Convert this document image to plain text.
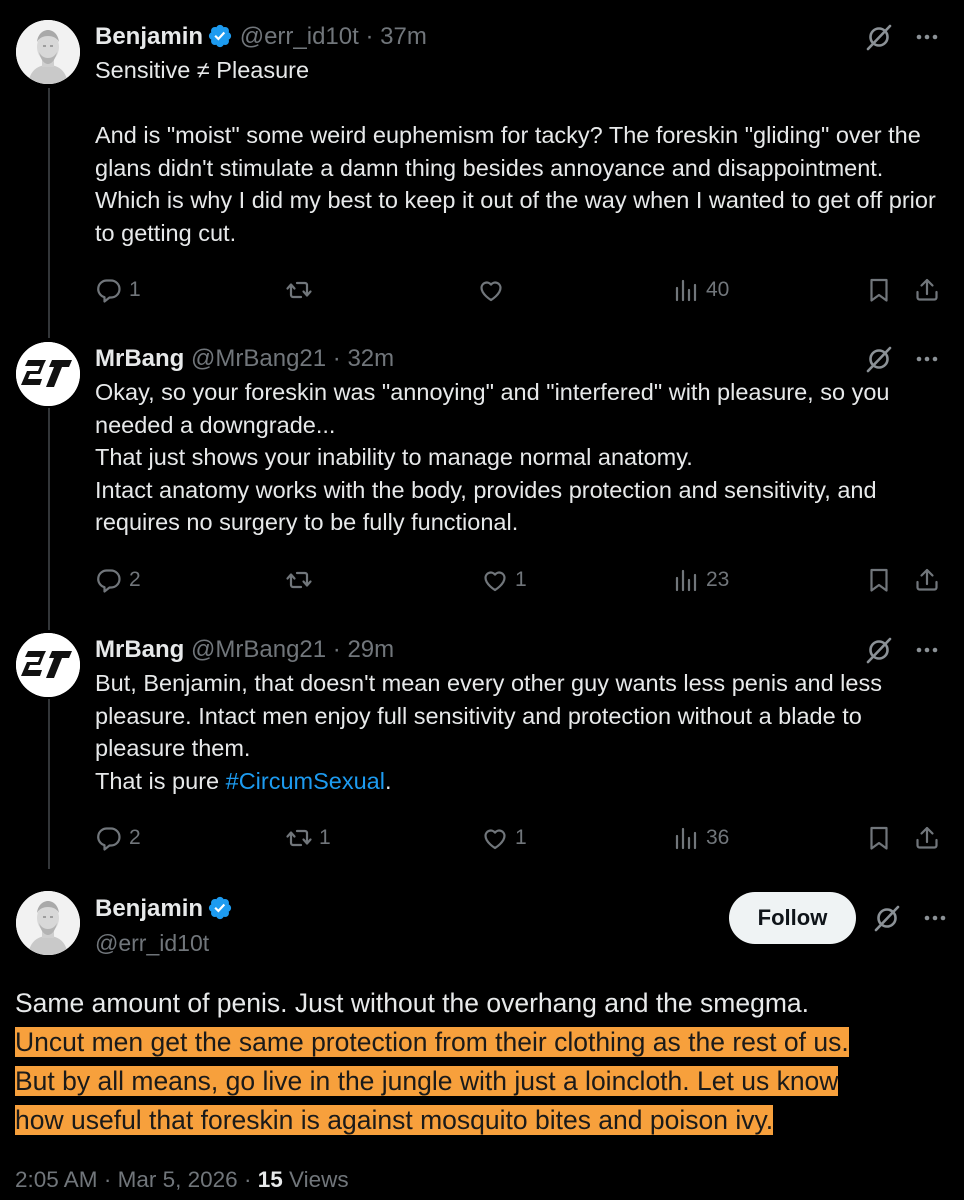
Benjamin @err_id10t · 37m

Sensitive ≠ Pleasure

And is "moist" some weird euphemism for tacky? The foreskin "gliding" over the glans didn't stimulate a damn thing besides annoyance and disappointment. Which is why I did my best to keep it out of the way when I wanted to get off prior to getting cut.

1	40
MrBang @MrBang21 · 32m

Okay, so your foreskin was "annoying" and "interfered" with pleasure, so you needed a downgrade...

That just shows your inability to manage normal anatomy.

Intact anatomy works with the body, provides protection and sensitivity, and requires no surgery to be fully functional.

2	1	23
MrBang @MrBang21 · 29m

But, Benjamin, that doesn't mean every other guy wants less penis and less pleasure. Intact men enjoy full sensitivity and protection without a blade to pleasure them.

That is pure #CircumSexual.

2	1	1	36
Benjamin
@err_id10t
Follow

Same amount of penis. Just without the overhang and the smegma.

Uncut men get the same protection from their clothing as the rest of us.

But by all means, go live in the jungle with just a loincloth. Let us know

how useful that foreskin is against mosquito bites and poison ivy.

2:05 AM · Mar 5, 2026 · 15 Views
